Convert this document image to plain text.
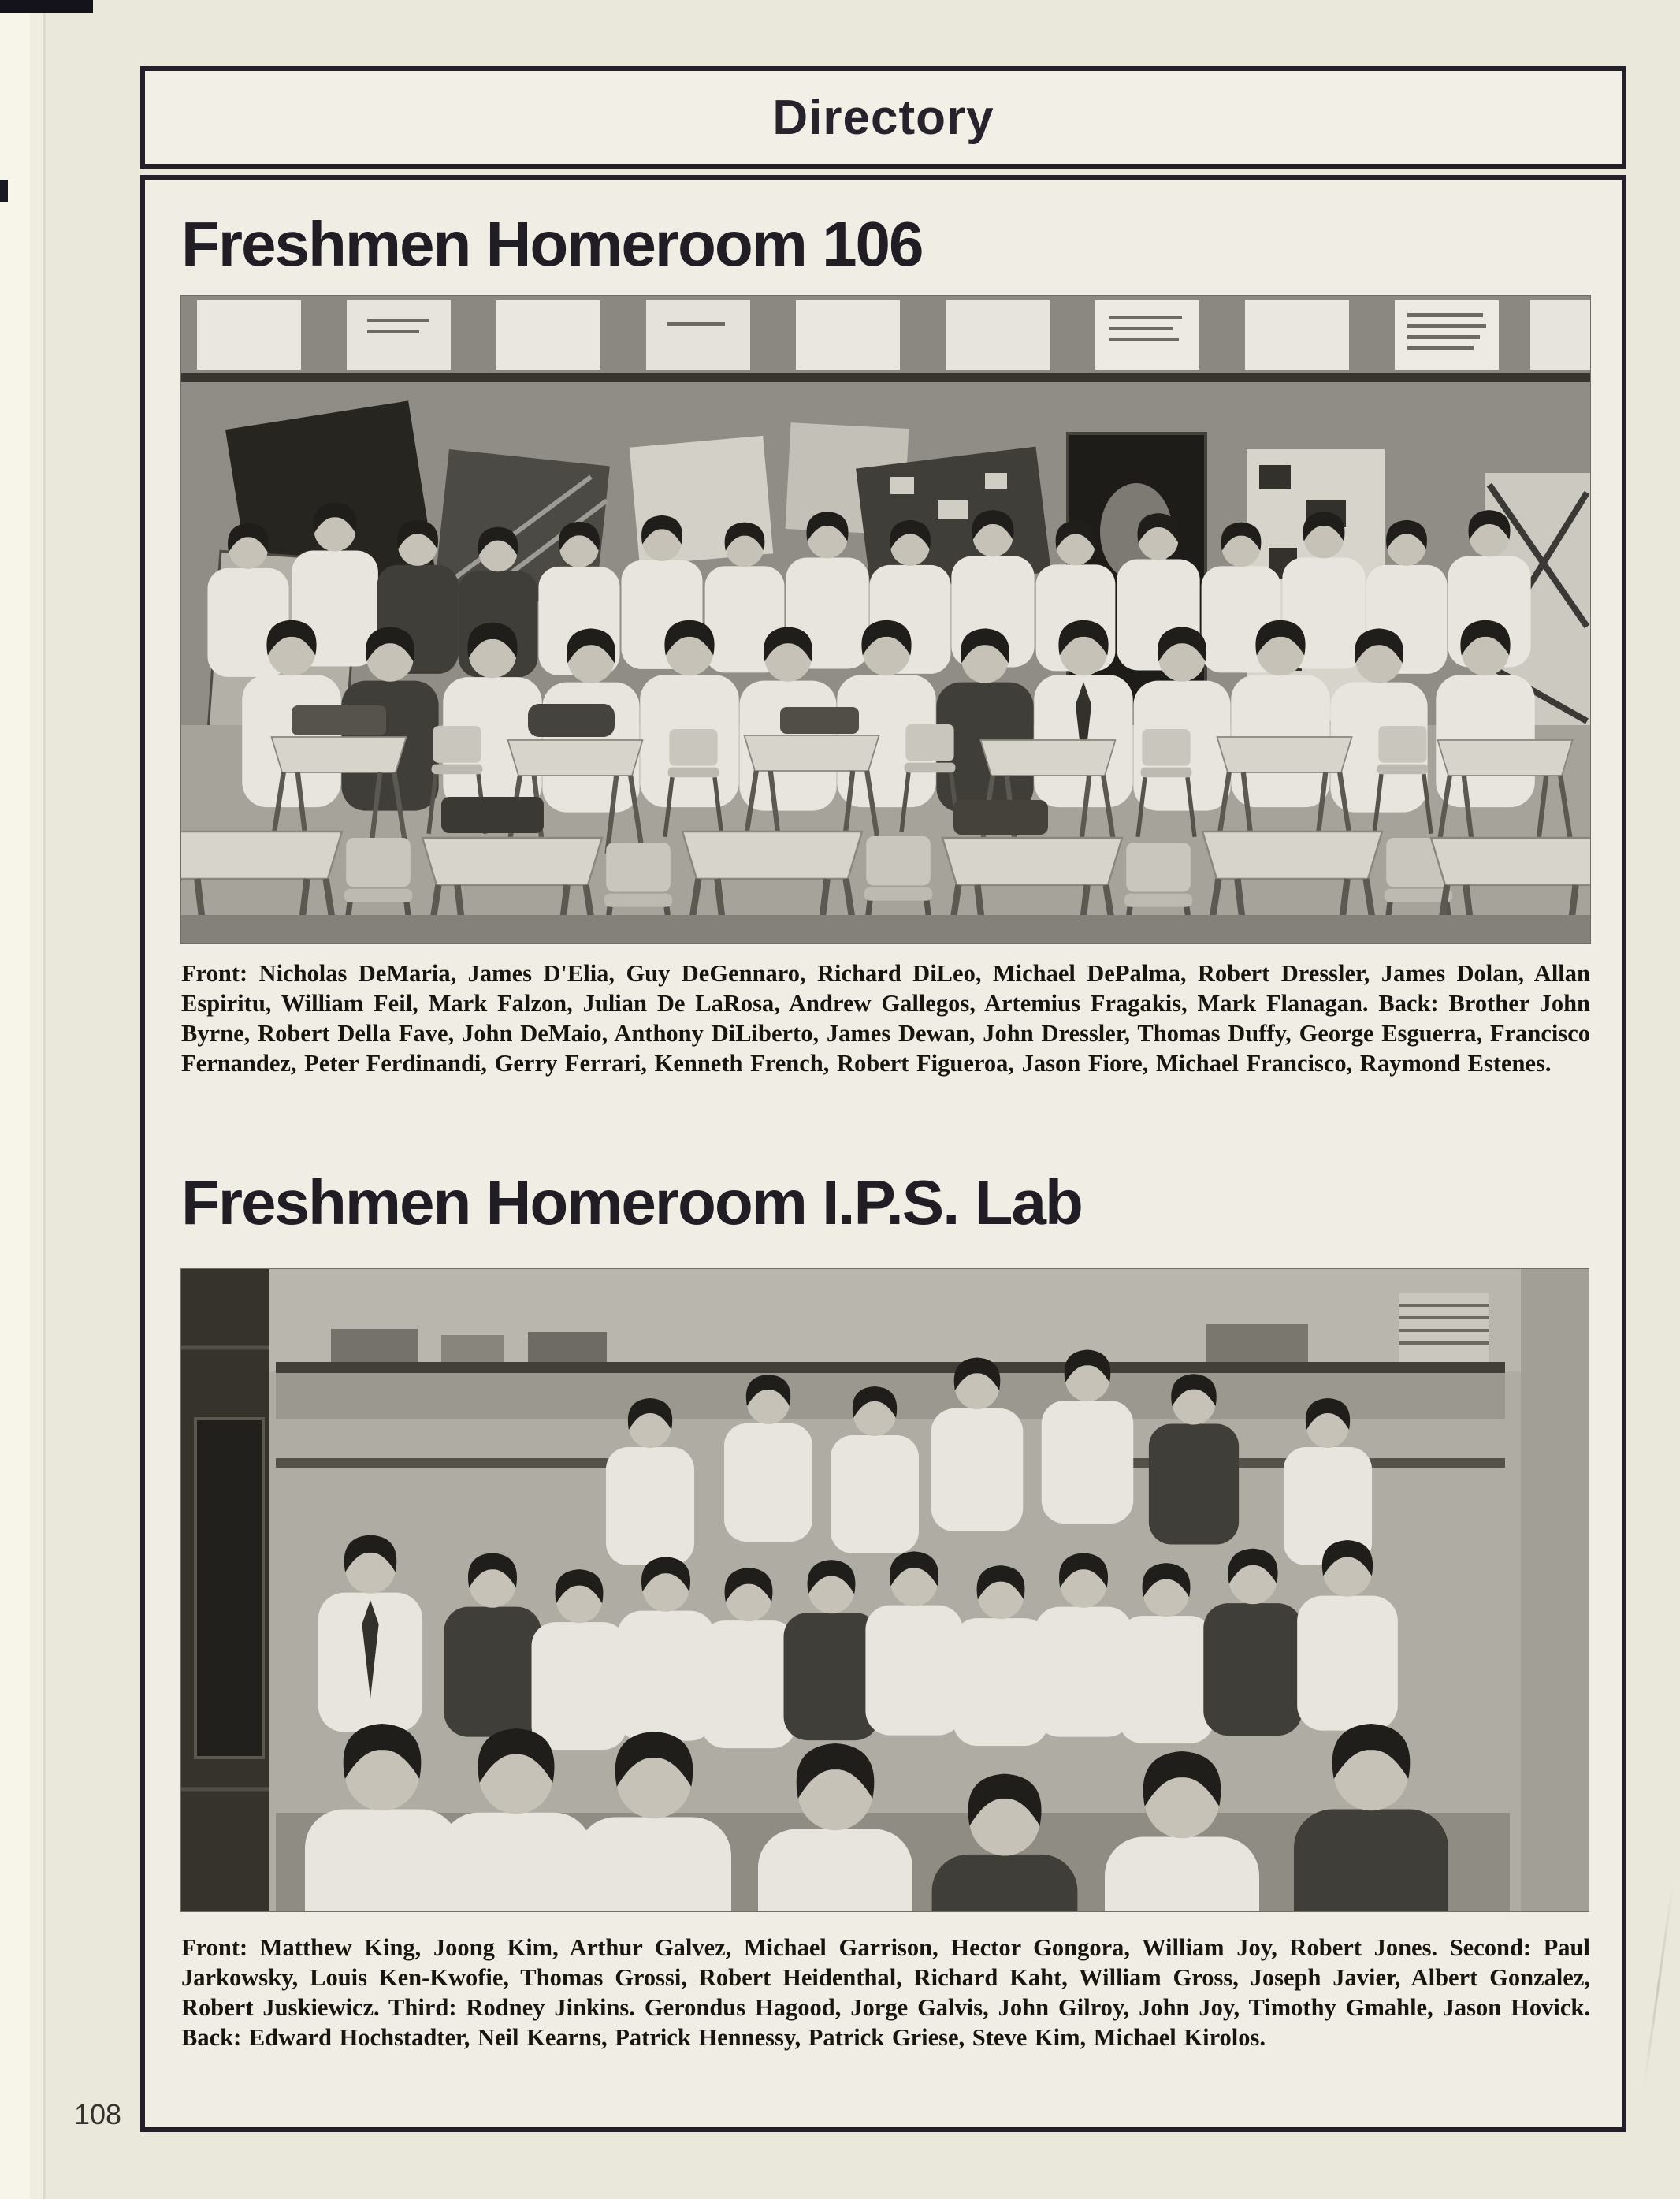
Directory
Freshmen Homeroom 106

Front: Nicholas DeMaria, James D'Elia, Guy DeGennaro, Richard DiLeo, Michael DePalma, Robert Dressler, James Dolan, Allan Espiritu, William Feil, Mark Falzon, Julian De LaRosa, Andrew Gallegos, Artemius Fragakis, Mark Flanagan. Back: Brother John Byrne, Robert Della Fave, John DeMaio, Anthony DiLiberto, James Dewan, John Dressler, Thomas Duffy, George Esguerra, Francisco Fernandez, Peter Ferdinandi, Gerry Ferrari, Kenneth French, Robert Figueroa, Jason Fiore, Michael Francisco, Raymond Estenes.

Freshmen Homeroom I.P.S. Lab

Front: Matthew King, Joong Kim, Arthur Galvez, Michael Garrison, Hector Gongora, William Joy, Robert Jones. Second: Paul Jarkowsky, Louis Ken-Kwofie, Thomas Grossi, Robert Heidenthal, Richard Kaht, William Gross, Joseph Javier, Albert Gonzalez, Robert Juskiewicz. Third: Rodney Jinkins. Gerondus Hagood, Jorge Galvis, John Gilroy, John Joy, Timothy Gmahle, Jason Hovick. Back: Edward Hochstadter, Neil Kearns, Patrick Hennessy, Patrick Griese, Steve Kim, Michael Kirolos.

108
